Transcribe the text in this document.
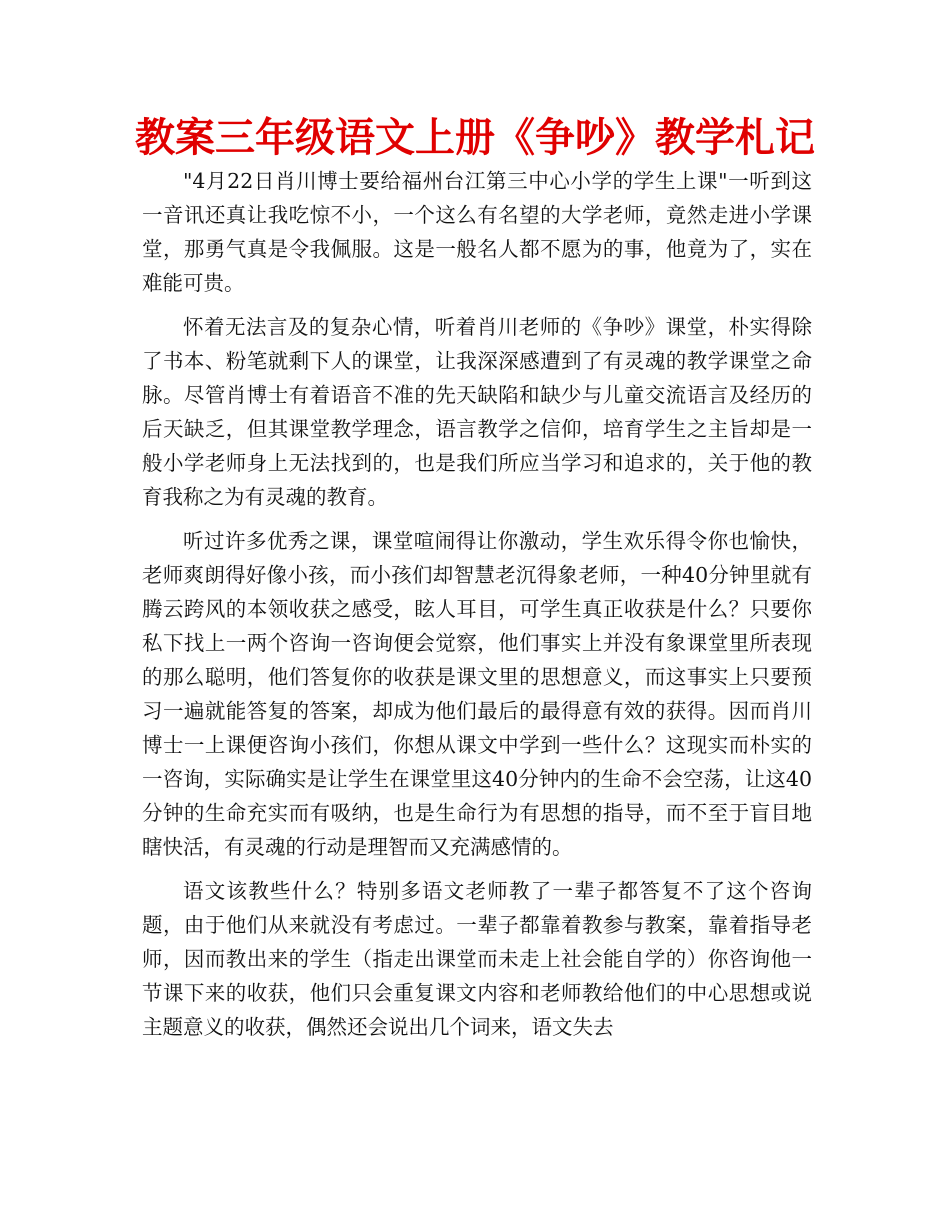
教案三年级语文上册《争吵》教学札记

"4月22日肖川博士要给福州台江第三中心小学的学生上课"一听到这一音讯还真让我吃惊不小，一个这么有名望的大学老师，竟然走进小学课堂，那勇气真是令我佩服。这是一般名人都不愿为的事，他竟为了，实在难能可贵。

怀着无法言及的复杂心情，听着肖川老师的《争吵》课堂，朴实得除了书本、粉笔就剩下人的课堂，让我深深感遭到了有灵魂的教学课堂之命脉。尽管肖博士有着语音不准的先天缺陷和缺少与儿童交流语言及经历的后天缺乏，但其课堂教学理念，语言教学之信仰，培育学生之主旨却是一般小学老师身上无法找到的，也是我们所应当学习和追求的，关于他的教育我称之为有灵魂的教育。

听过许多优秀之课，课堂喧闹得让你激动，学生欢乐得令你也愉快，老师爽朗得好像小孩，而小孩们却智慧老沉得象老师，一种40分钟里就有腾云跨风的本领收获之感受，眩人耳目，可学生真正收获是什么？只要你私下找上一两个咨询一咨询便会觉察，他们事实上并没有象课堂里所表现的那么聪明，他们答复你的收获是课文里的思想意义，而这事实上只要预习一遍就能答复的答案，却成为他们最后的最得意有效的获得。因而肖川博士一上课便咨询小孩们，你想从课文中学到一些什么？这现实而朴实的一咨询，实际确实是让学生在课堂里这40分钟内的生命不会空荡，让这40分钟的生命充实而有吸纳，也是生命行为有思想的指导，而不至于盲目地瞎快活，有灵魂的行动是理智而又充满感情的。

语文该教些什么？特别多语文老师教了一辈子都答复不了这个咨询题，由于他们从来就没有考虑过。一辈子都靠着教参与教案，靠着指导老师，因而教出来的学生（指走出课堂而未走上社会能自学的）你咨询他一节课下来的收获，他们只会重复课文内容和老师教给他们的中心思想或说主题意义的收获，偶然还会说出几个词来，语文失去
